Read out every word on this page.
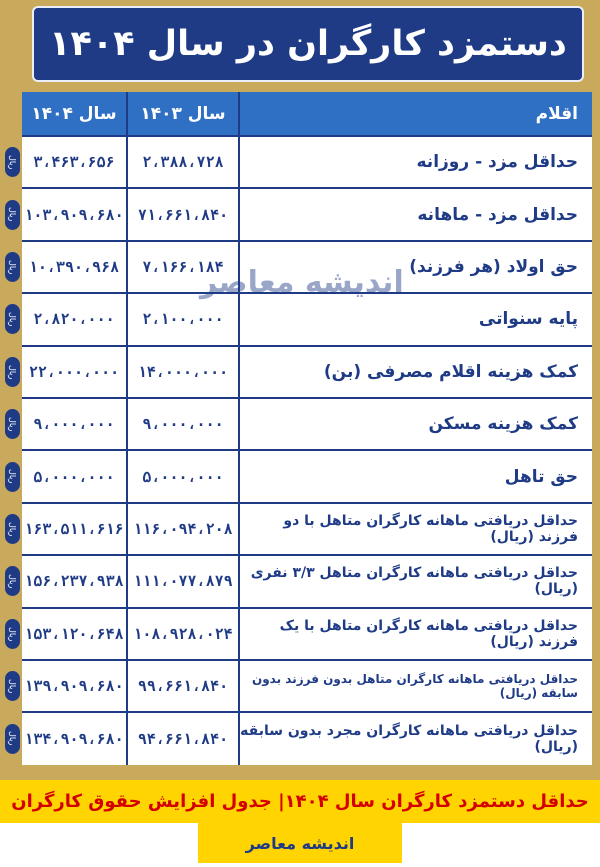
دستمزد کارگران در سال ۱۴۰۴
سال ۱۴۰۴	سال ۱۴۰۳	اقلام
۳،۴۶۳،۶۵۶	۲،۳۸۸،۷۲۸	حداقل مزد - روزانه
۱۰۳،۹۰۹،۶۸۰ ۷۱،۶۶۱،۸۴۰	حداقل مزد - ماهانه
۱۰،۳۹۰،۹۶۸	۷،۱۶۶،۱۸۴	حق اولاد (هر فرزند)
۲،۸۲۰،۰۰۰	۲،۱۰۰،۰۰۰	پایه سنواتی
۲۲،۰۰۰،۰۰۰	۱۴،۰۰۰،۰۰۰	کمک هزینه اقلام مصرفی (بن)
۹،۰۰۰،۰۰۰	۹،۰۰۰،۰۰۰	کمک هزینه مسکن
۵،۰۰۰،۰۰۰	۵،۰۰۰،۰۰۰	حق تاهل
۱۶۳،۵۱۱،۶۱۶ ۱۱۶،۰۹۴،۲۰۸	حداقل دریافتی ماهانه کارگران متاهل با دو فرزند (ریال)
۱۵۶،۲۳۷،۹۳۸ ۱۱۱،۰۷۷،۸۷۹	حداقل دریافتی ماهانه کارگران متاهل ۳/۳ نفری (ریال)
۱۵۳،۱۲۰،۶۴۸ ۱۰۸،۹۲۸،۰۲۴	حداقل دریافتی ماهانه کارگران متاهل با یک فرزند (ریال)
۱۳۹،۹۰۹،۶۸۰ ۹۹،۶۶۱،۸۴۰	حداقل دریافتی ماهانه کارگران متاهل بدون فرزند بدون سابقه (ریال)
۱۳۴،۹۰۹،۶۸۰ ۹۴،۶۶۱،۸۴۰ حداقل دریافتی ماهانه کارگران مجرد بدون سابقه (ریال)
ریال
ریال
ریال
ریال
ریال
ریال
ریال
ریال
ریال
ریال
ریال
ریال
اندیشه معاصر
حداقل دستمزد کارگران سال ۱۴۰۴| جدول افزایش حقوق کارگران
اندیشه معاصر
